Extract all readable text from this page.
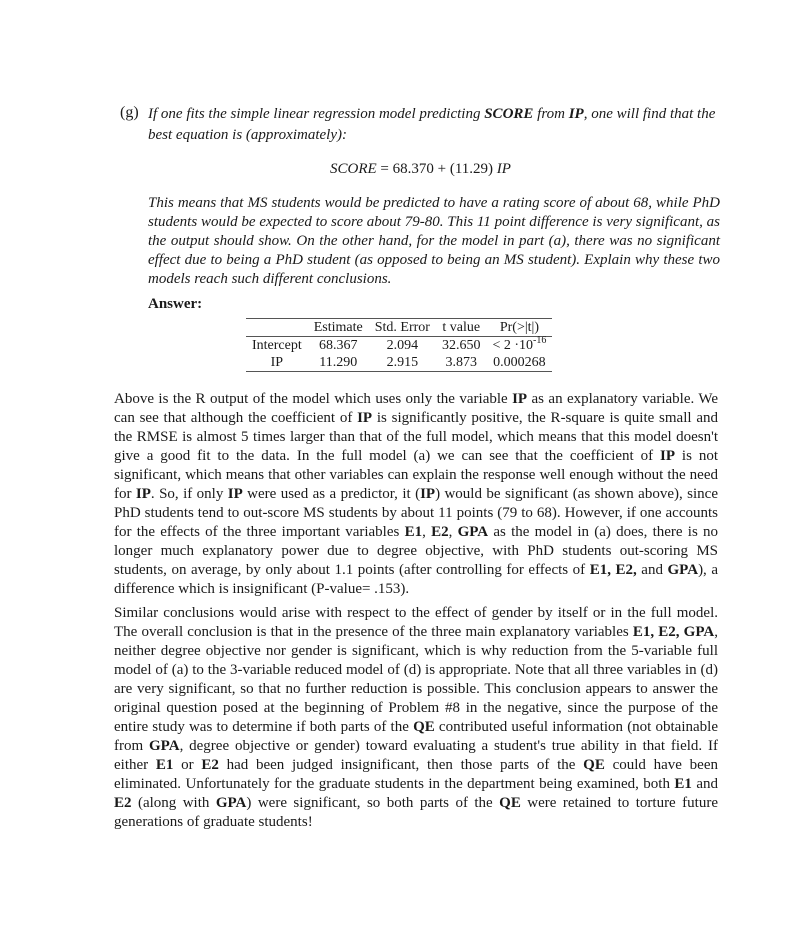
(g) If one fits the simple linear regression model predicting SCORE from IP, one will find that the best equation is (approximately):
SCORE = 68.370 + (11.29) IP
This means that MS students would be predicted to have a rating score of about 68, while PhD students would be expected to score about 79-80. This 11 point difference is very significant, as the output should show. On the other hand, for the model in part (a), there was no significant effect due to being a PhD student (as opposed to being an MS student). Explain why these two models reach such different conclusions.
Answer:
	Estimate	Std. Error	t value	Pr(>|t|)
Intercept	68.367	2.094	32.650	< $2 \cdot 10^{-16}$
IP	11.290	2.915	3.873	0.000268
Above is the R output of the model which uses only the variable IP as an explanatory variable. We can see that although the coefficient of IP is significantly positive, the R-square is quite small and the RMSE is almost 5 times larger than that of the full model, which means that this model doesn't give a good fit to the data. In the full model (a) we can see that the coefficient of IP is not significant, which means that other variables can explain the response well enough without the need for IP. So, if only IP were used as a predictor, it (IP) would be significant (as shown above), since PhD students tend to out-score MS students by about 11 points (79 to 68). However, if one accounts for the effects of the three important variables E1, E2, GPA as the model in (a) does, there is no longer much explanatory power due to degree objective, with PhD students out-scoring MS students, on average, by only about 1.1 points (after controlling for effects of E1, E2, and GPA), a difference which is insignificant (P-value= .153).
Similar conclusions would arise with respect to the effect of gender by itself or in the full model. The overall conclusion is that in the presence of the three main explanatory variables E1, E2, GPA, neither degree objective nor gender is significant, which is why reduction from the 5-variable full model of (a) to the 3-variable reduced model of (d) is appropriate. Note that all three variables in (d) are very significant, so that no further reduction is possible. This conclusion appears to answer the original question posed at the beginning of Problem #8 in the negative, since the purpose of the entire study was to determine if both parts of the QE contributed useful information (not obtainable from GPA, degree objective or gender) toward evaluating a student's true ability in that field. If either E1 or E2 had been judged insignificant, then those parts of the QE could have been eliminated. Unfortunately for the graduate students in the department being examined, both E1 and E2 (along with GPA) were significant, so both parts of the QE were retained to torture future generations of graduate students!
